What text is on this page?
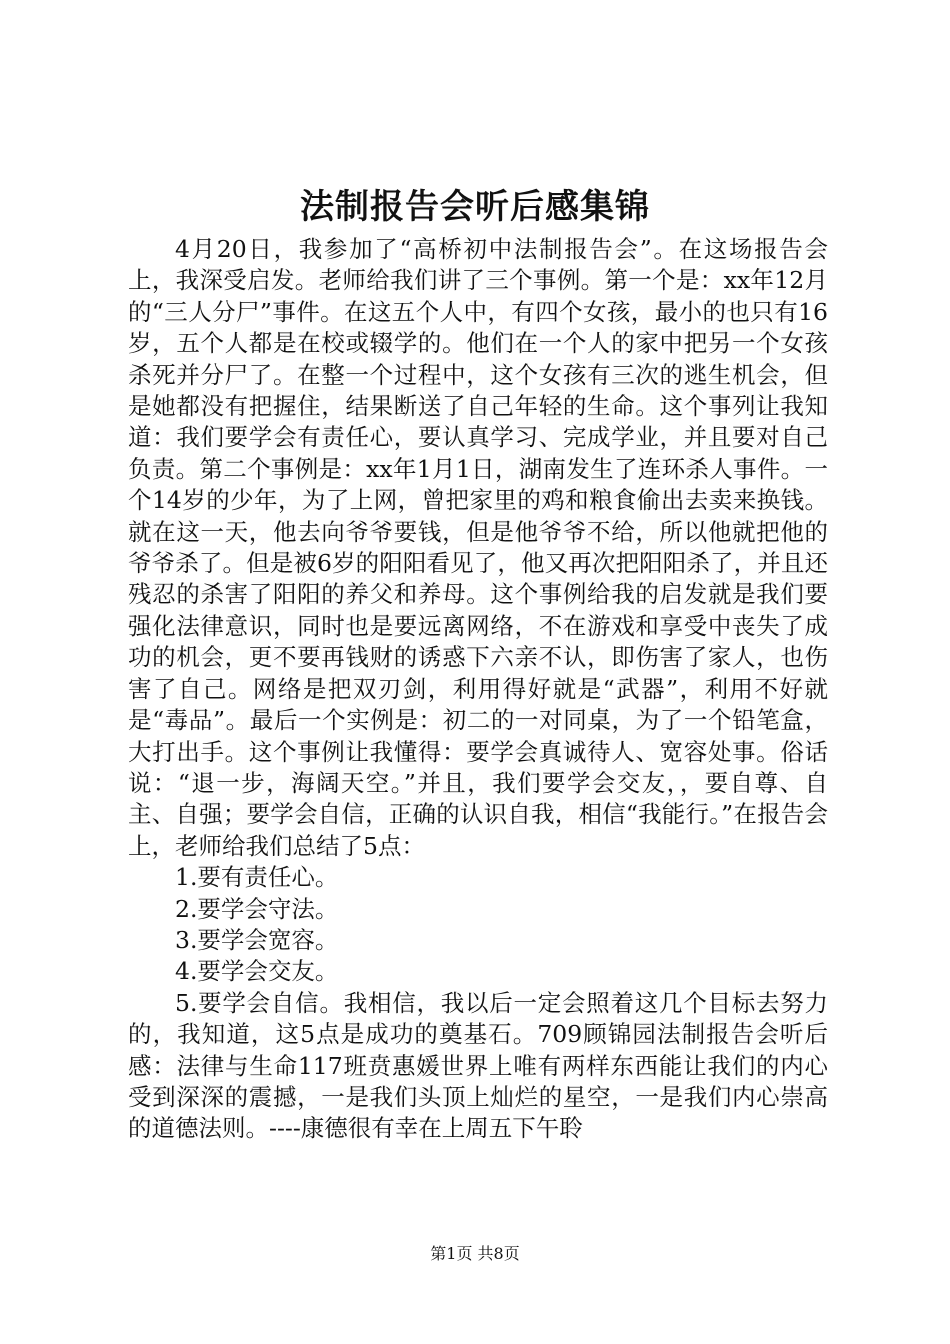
法制报告会听后感集锦

4月20日，我参加了“高桥初中法制报告会”。在这场报告会上，我深受启发。老师给我们讲了三个事例。第一个是：xx年12月的“三人分尸”事件。在这五个人中，有四个女孩，最小的也只有16岁，五个人都是在校或辍学的。他们在一个人的家中把另一个女孩杀死并分尸了。在整一个过程中，这个女孩有三次的逃生机会，但是她都没有把握住，结果断送了自己年轻的生命。这个事列让我知道：我们要学会有责任心，要认真学习、完成学业，并且要对自己负责。第二个事例是：xx年1月1日，湖南发生了连环杀人事件。一个14岁的少年，为了上网，曾把家里的鸡和粮食偷出去卖来换钱。就在这一天，他去向爷爷要钱，但是他爷爷不给，所以他就把他的爷爷杀了。但是被6岁的阳阳看见了，他又再次把阳阳杀了，并且还残忍的杀害了阳阳的养父和养母。这个事例给我的启发就是我们要强化法律意识，同时也是要远离网络，不在游戏和享受中丧失了成功的机会，更不要再钱财的诱惑下六亲不认，即伤害了家人，也伤害了自己。网络是把双刃剑，利用得好就是“武器”，利用不好就是“毒品”。最后一个实例是：初二的一对同桌，为了一个铅笔盒，大打出手。这个事例让我懂得：要学会真诚待人、宽容处事。俗话说：“退一步，海阔天空。”并且，我们要学会交友，，要自尊、自主、自强；要学会自信，正确的认识自我，相信“我能行。”在报告会上，老师给我们总结了5点：

1.要有责任心。

2.要学会守法。

3.要学会宽容。

4.要学会交友。

5.要学会自信。我相信，我以后一定会照着这几个目标去努力的，我知道，这5点是成功的奠基石。709顾锦园法制报告会听后感：法律与生命117班贲惠媛世界上唯有两样东西能让我们的内心受到深深的震撼，一是我们头顶上灿烂的星空，一是我们内心崇高的道德法则。----康德很有幸在上周五下午聆

第1页 共8页
